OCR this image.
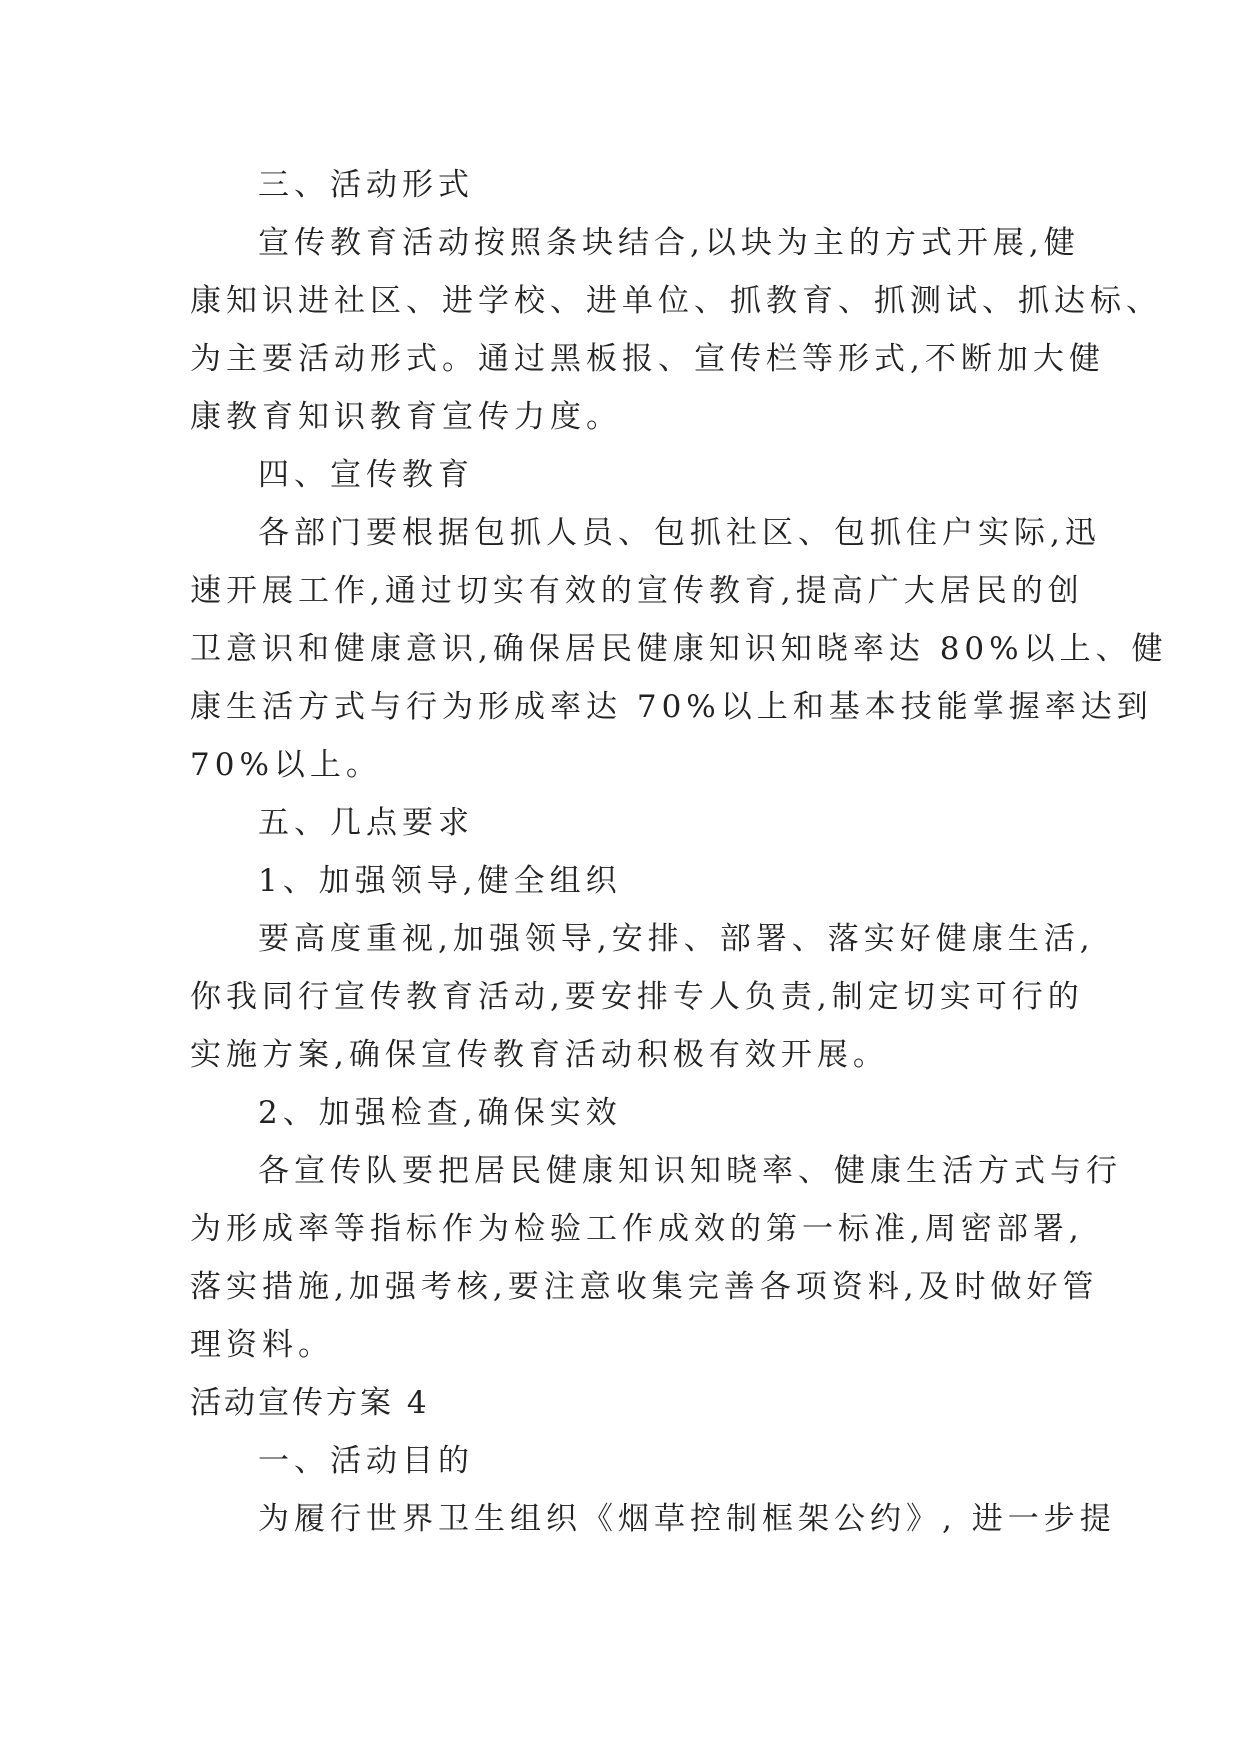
三、活动形式
宣传教育活动按照条块结合,以块为主的方式开展,健
康知识进社区、进学校、进单位、抓教育、抓测试、抓达标、
为主要活动形式。通过黑板报、宣传栏等形式,不断加大健
康教育知识教育宣传力度。
四、宣传教育
各部门要根据包抓人员、包抓社区、包抓住户实际,迅
速开展工作,通过切实有效的宣传教育,提高广大居民的创
卫意识和健康意识,确保居民健康知识知晓率达 80%以上、健
康生活方式与行为形成率达 70%以上和基本技能掌握率达到
70%以上。
五、几点要求
1、加强领导,健全组织
要高度重视,加强领导,安排、部署、落实好健康生活,
你我同行宣传教育活动,要安排专人负责,制定切实可行的
实施方案,确保宣传教育活动积极有效开展。
2、加强检查,确保实效
各宣传队要把居民健康知识知晓率、健康生活方式与行
为形成率等指标作为检验工作成效的第一标准,周密部署,
落实措施,加强考核,要注意收集完善各项资料,及时做好管
理资料。
活动宣传方案 4
一、活动目的
为履行世界卫生组织《烟草控制框架公约》, 进一步提
